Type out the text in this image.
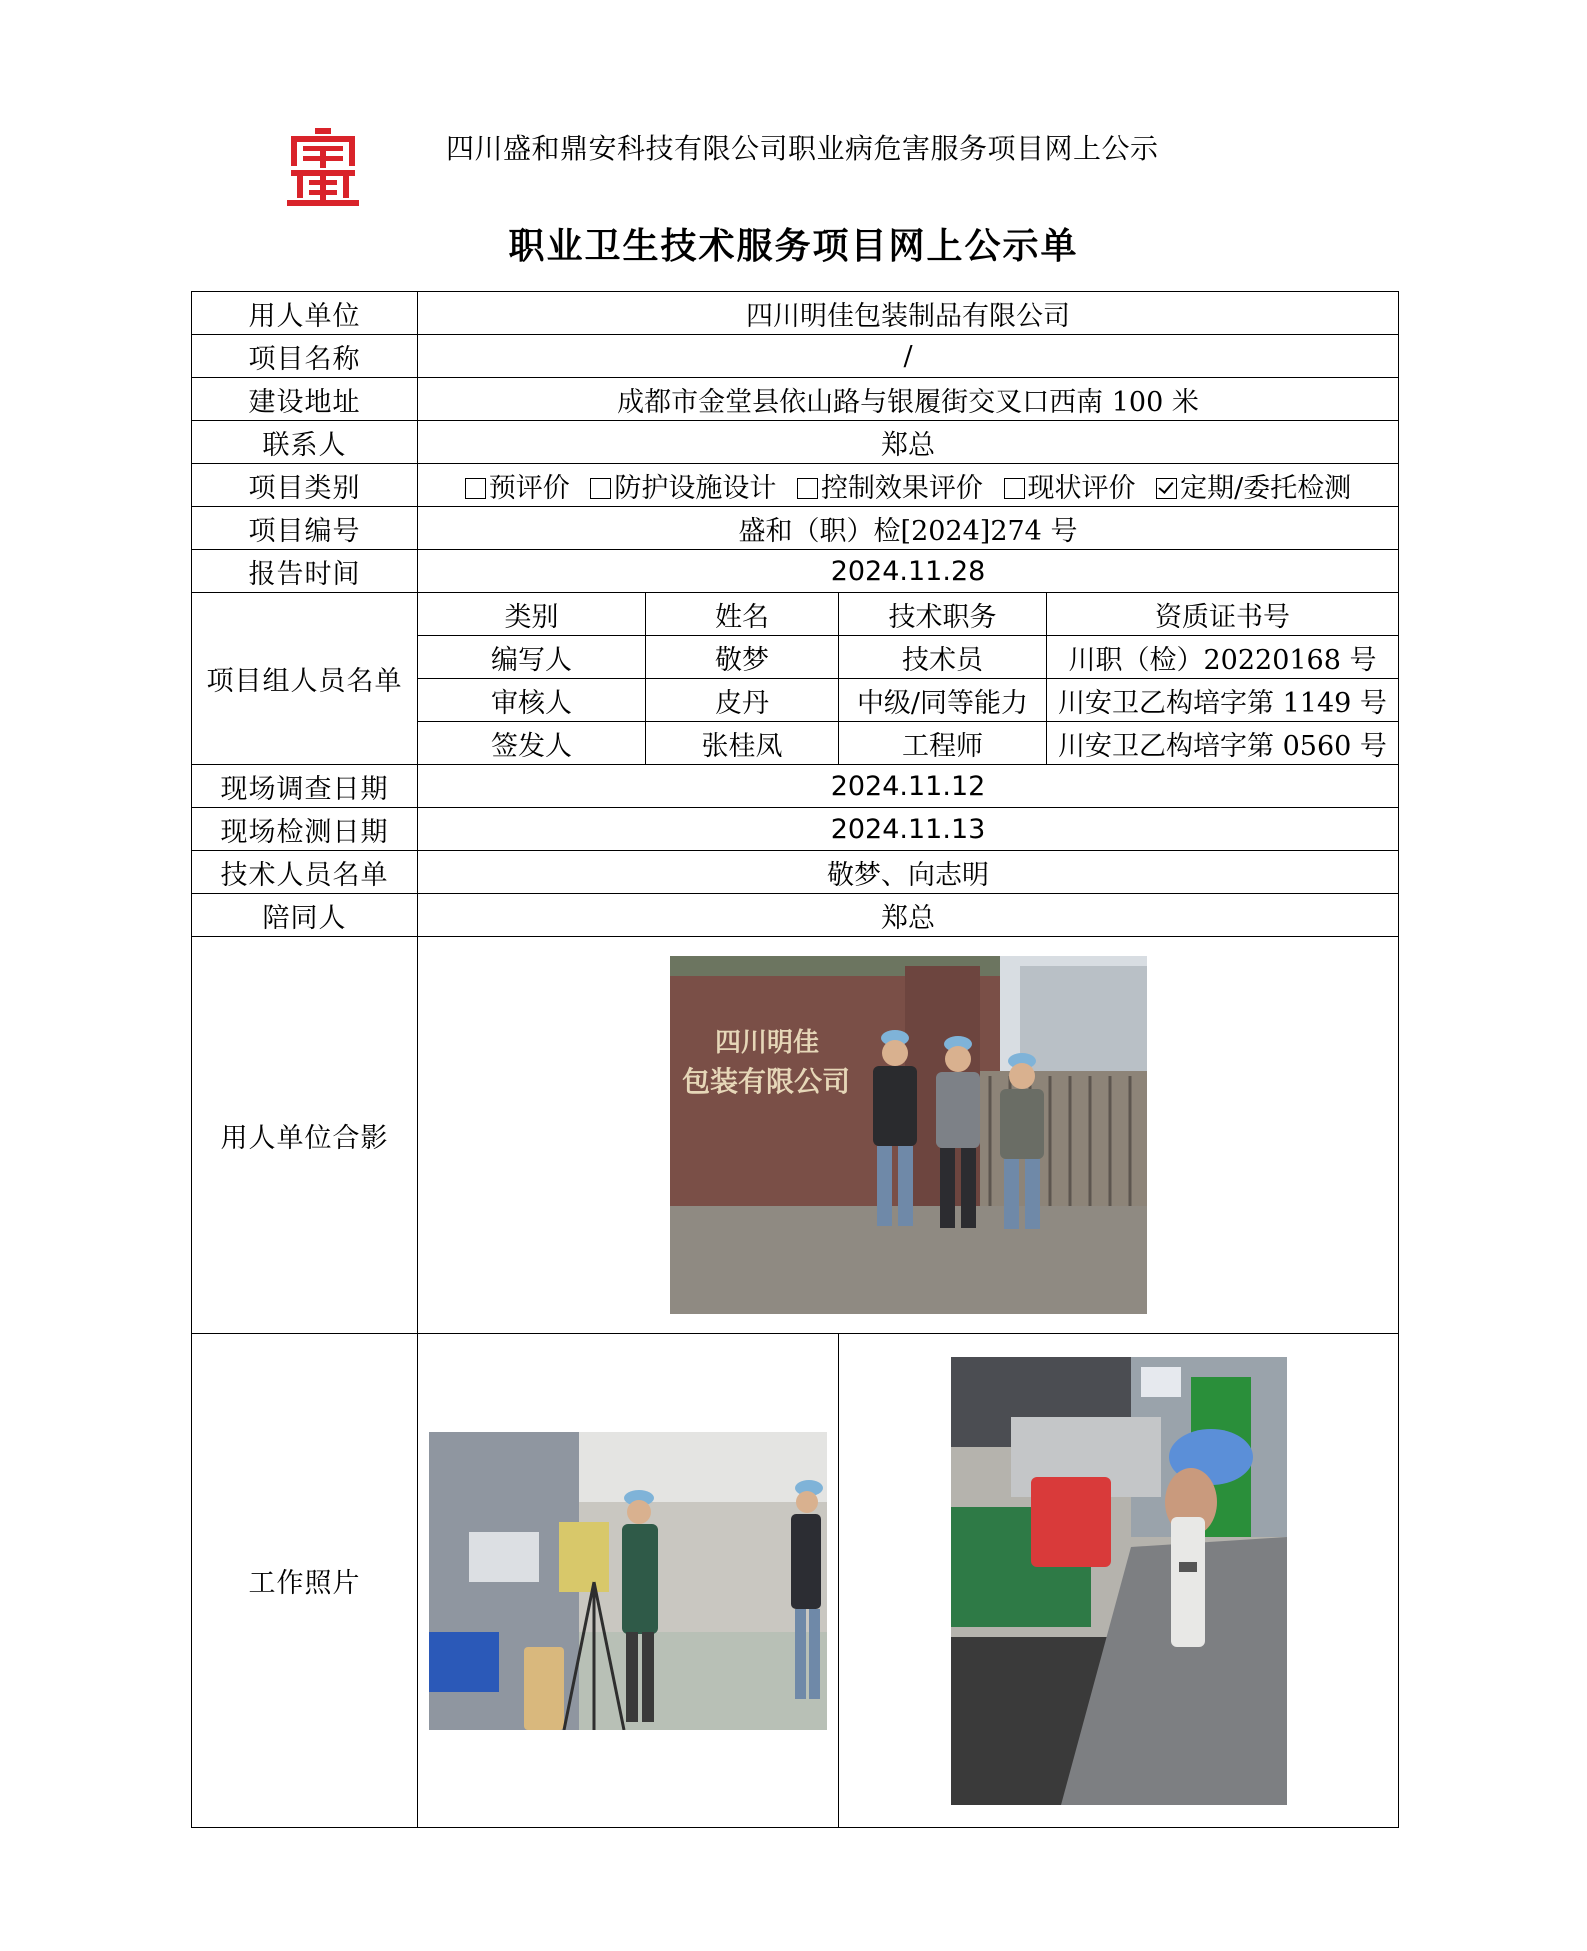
四川盛和鼎安科技有限公司职业病危害服务项目网上公示
职业卫生技术服务项目网上公示单
用人单位	四川明佳包装制品有限公司			
项目名称	/			
建设地址	成都市金堂县依山路与银履街交叉口西南 100 米			
联系人	郑总			
项目类别	预评价 防护设施设计 控制效果评价 现状评价 定期/委托检测			
项目编号	盛和（职）检[2024]274 号			
报告时间	2024.11.28			
项目组人员名单	类别	姓名	技术职务	资质证书号
	编写人	敬梦	技术员	川职（检）20220168 号
	审核人	皮丹	中级/同等能力	川安卫乙构培字第 1149 号
	签发人	张桂凤	工程师	川安卫乙构培字第 0560 号
现场调查日期	2024.11.12			
现场检测日期	2024.11.13			
技术人员名单	敬梦、向志明			
陪同人	郑总			
用人单位合影	四川明佳
包装有限公司			

工作照片	
